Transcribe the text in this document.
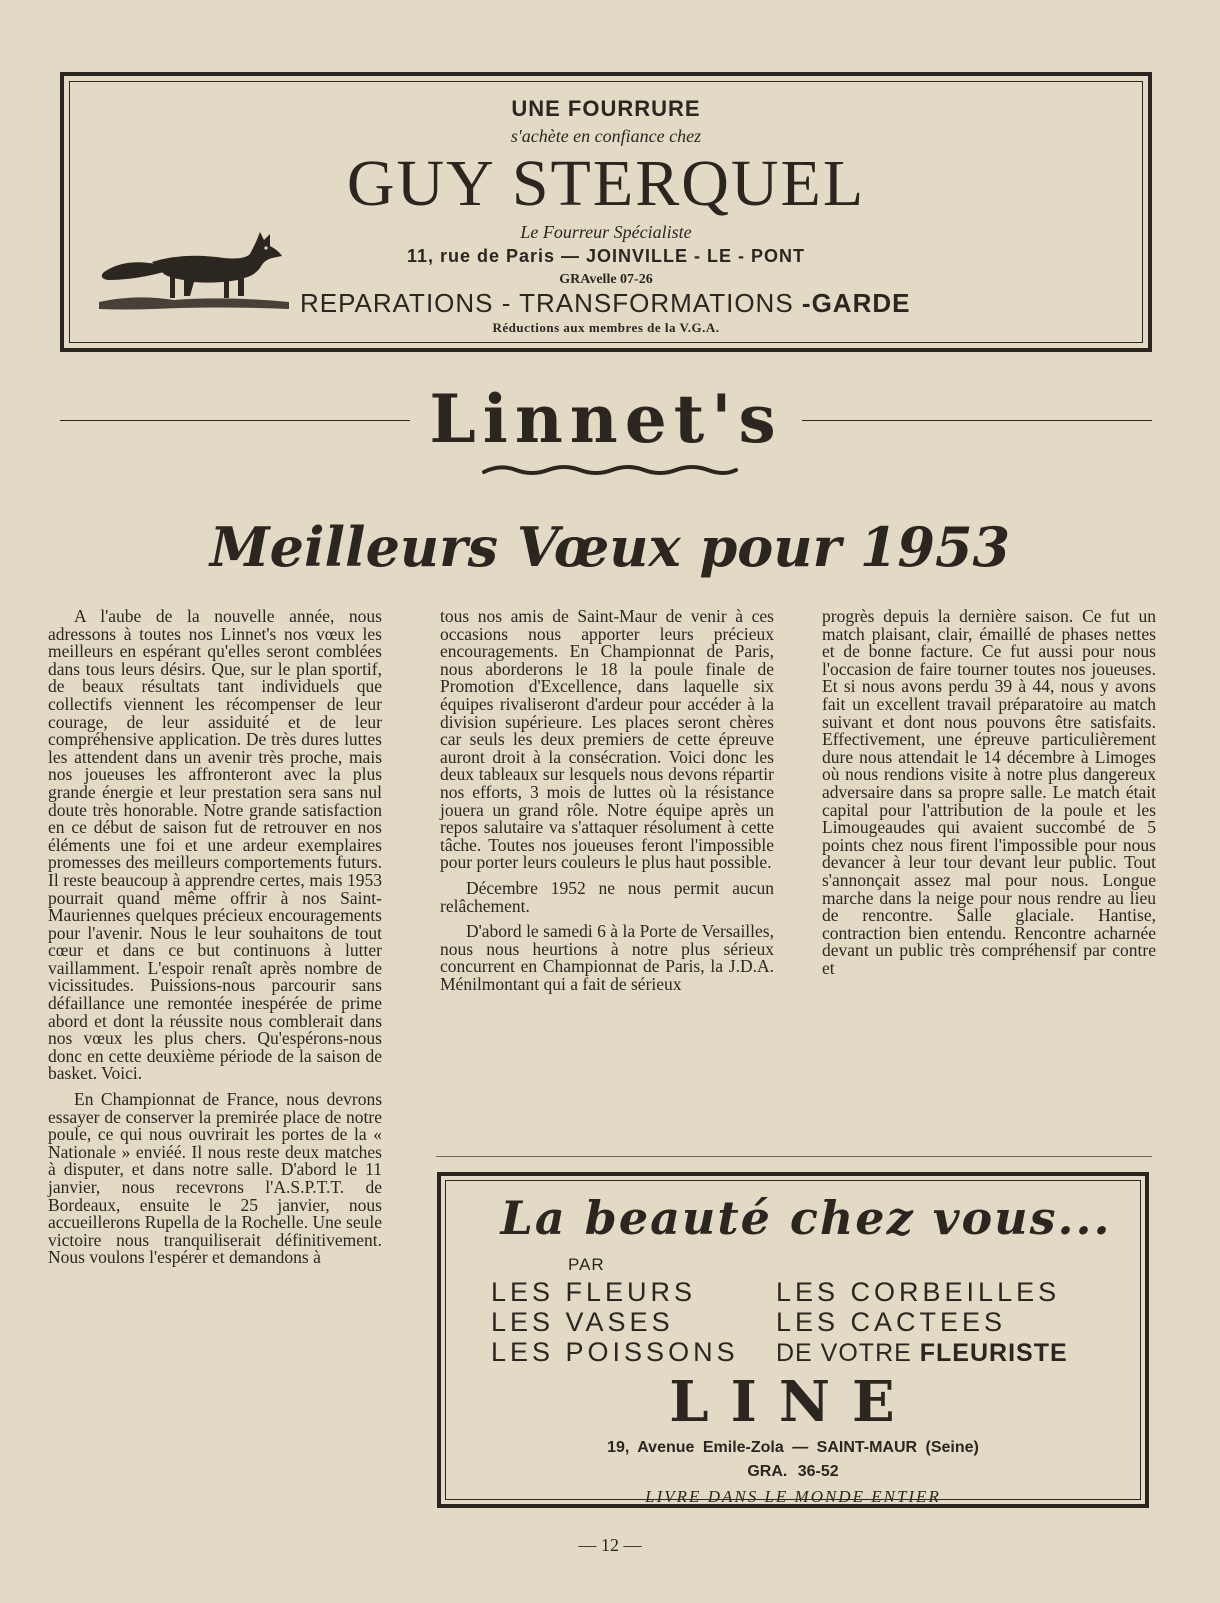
UNE FOURRURE
s'achète en confiance chez
GUY STERQUEL
Le Fourreur Spécialiste
11, rue de Paris — JOINVILLE - LE - PONT
GRAvelle 07-26
REPARATIONS - TRANSFORMATIONS -GARDE
Réductions aux membres de la V.G.A.
Linnet's
Meilleurs Vœux pour 1953

A l'aube de la nouvelle année, nous adressons à toutes nos Linnet's nos vœux les meilleurs en espérant qu'elles seront comblées dans tous leurs désirs. Que, sur le plan sportif, de beaux résultats tant individuels que collectifs viennent les récompenser de leur courage, de leur assiduité et de leur compréhensive application. De très dures luttes les attendent dans un avenir très proche, mais nos joueuses les affronteront avec la plus grande énergie et leur prestation sera sans nul doute très honorable. Notre grande satisfaction en ce début de saison fut de retrouver en nos éléments une foi et une ardeur exemplaires promesses des meilleurs comportements futurs. Il reste beaucoup à apprendre certes, mais 1953 pourrait quand même offrir à nos Saint-Mauriennes quelques précieux encouragements pour l'avenir. Nous le leur souhaitons de tout cœur et dans ce but continuons à lutter vaillamment. L'espoir renaît après nombre de vicissitudes. Puissions-nous parcourir sans défaillance une remontée inespérée de prime abord et dont la réussite nous comblerait dans nos vœux les plus chers. Qu'espérons-nous donc en cette deuxième période de la saison de basket. Voici.

En Championnat de France, nous devrons essayer de conserver la premirée place de notre poule, ce qui nous ouvrirait les portes de la « Nationale » enviéé. Il nous reste deux matches à disputer, et dans notre salle. D'abord le 11 janvier, nous recevrons l'A.S.P.T.T. de Bordeaux, ensuite le 25 janvier, nous accueillerons Rupella de la Rochelle. Une seule victoire nous tranquiliserait définitivement. Nous voulons l'espérer et demandons à

tous nos amis de Saint-Maur de venir à ces occasions nous apporter leurs précieux encouragements. En Championnat de Paris, nous aborderons le 18 la poule finale de Promotion d'Excellence, dans laquelle six équipes rivaliseront d'ardeur pour accéder à la division supérieure. Les places seront chères car seuls les deux premiers de cette épreuve auront droit à la consécration. Voici donc les deux tableaux sur lesquels nous devons répartir nos efforts, 3 mois de luttes où la résistance jouera un grand rôle. Notre équipe après un repos salutaire va s'attaquer résolument à cette tâche. Toutes nos joueuses feront l'impossible pour porter leurs couleurs le plus haut possible.

Décembre 1952 ne nous permit aucun relâchement.

D'abord le samedi 6 à la Porte de Versailles, nous nous heurtions à notre plus sérieux concurrent en Championnat de Paris, la J.D.A. Ménilmontant qui a fait de sérieux

progrès depuis la dernière saison. Ce fut un match plaisant, clair, émaillé de phases nettes et de bonne facture. Ce fut aussi pour nous l'occasion de faire tourner toutes nos joueuses. Et si nous avons perdu 39 à 44, nous y avons fait un excellent travail préparatoire au match suivant et dont nous pouvons être satisfaits. Effectivement, une épreuve particulièrement dure nous attendait le 14 décembre à Limoges où nous rendions visite à notre plus dangereux adversaire dans sa propre salle. Le match était capital pour l'attribution de la poule et les Limougeaudes qui avaient succombé de 5 points chez nous firent l'impossible pour nous devancer à leur tour devant leur public. Tout s'annonçait assez mal pour nous. Longue marche dans la neige pour nous rendre au lieu de rencontre. Salle glaciale. Hantise, contraction bien entendu. Rencontre acharnée devant un public très compréhensif par contre et

La beauté chez vous...
PAR
LES FLEURS
LES VASES
LES POISSONS
LES CORBEILLES
LES CACTEES
DE VOTRE FLEURISTE
LINE
19, Avenue Emile-Zola — SAINT-MAUR (Seine)
GRA. 36-52
LIVRE DANS LE MONDE ENTIER
— 12 —
